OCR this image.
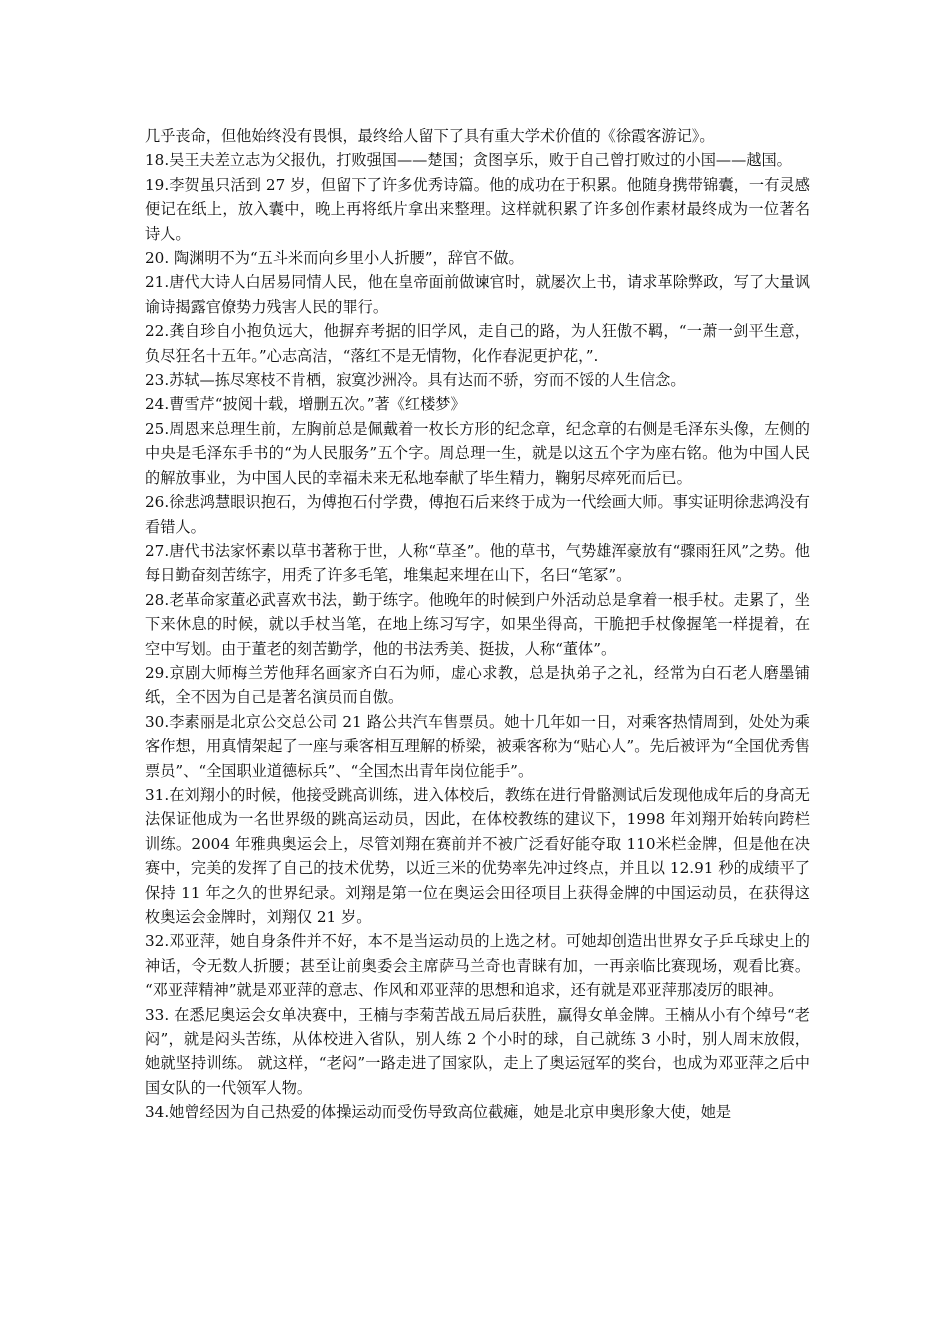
几乎丧命，但他始终没有畏惧，最终给人留下了具有重大学术价值的《徐霞客游记》。

18.吴王夫差立志为父报仇，打败强国——楚国；贪图享乐，败于自己曾打败过的小国——越国。

19.李贺虽只活到 27 岁，但留下了许多优秀诗篇。他的成功在于积累。他随身携带锦囊，一有灵感便记在纸上，放入囊中，晚上再将纸片拿出来整理。这样就积累了许多创作素材最终成为一位著名诗人。

20. 陶渊明不为“五斗米而向乡里小人折腰”，辞官不做。

21.唐代大诗人白居易同情人民，他在皇帝面前做谏官时，就屡次上书，请求革除弊政，写了大量讽谕诗揭露官僚势力残害人民的罪行。

22.龚自珍自小抱负远大，他摒弃考据的旧学风，走自己的路，为人狂傲不羁，“一萧一剑平生意，负尽狂名十五年。”心志高洁，“落红不是无情物，化作春泥更护花，”.

23.苏轼—拣尽寒枝不肯栖，寂寞沙洲冷。具有达而不骄，穷而不馁的人生信念。

24.曹雪芹“披阅十载，增删五次。”著《红楼梦》

25.周恩来总理生前，左胸前总是佩戴着一枚长方形的纪念章，纪念章的右侧是毛泽东头像，左侧的中央是毛泽东手书的“为人民服务”五个字。周总理一生，就是以这五个字为座右铭。他为中国人民的解放事业，为中国人民的幸福未来无私地奉献了毕生精力，鞠躬尽瘁死而后已。

26.徐悲鸿慧眼识抱石，为傅抱石付学费，傅抱石后来终于成为一代绘画大师。事实证明徐悲鸿没有看错人。

27.唐代书法家怀素以草书著称于世，人称“草圣”。他的草书，气势雄浑豪放有“骤雨狂风”之势。他每日勤奋刻苦练字，用秃了许多毛笔，堆集起来埋在山下，名曰“笔冢”。

28.老革命家董必武喜欢书法，勤于练字。他晚年的时候到户外活动总是拿着一根手杖。走累了，坐下来休息的时候，就以手杖当笔，在地上练习写字，如果坐得高，干脆把手杖像握笔一样提着，在空中写划。由于董老的刻苦勤学，他的书法秀美、挺拔，人称“董体”。

29.京剧大师梅兰芳他拜名画家齐白石为师，虚心求教，总是执弟子之礼，经常为白石老人磨墨铺纸，全不因为自己是著名演员而自傲。

30.李素丽是北京公交总公司 21 路公共汽车售票员。她十几年如一日，对乘客热情周到，处处为乘客作想，用真情架起了一座与乘客相互理解的桥梁，被乘客称为“贴心人”。先后被评为“全国优秀售票员”、“全国职业道德标兵”、“全国杰出青年岗位能手”。

31.在刘翔小的时候，他接受跳高训练，进入体校后，教练在进行骨骼测试后发现他成年后的身高无法保证他成为一名世界级的跳高运动员，因此，在体校教练的建议下，1998 年刘翔开始转向跨栏训练。2004 年雅典奥运会上，尽管刘翔在赛前并不被广泛看好能夺取 110米栏金牌，但是他在决赛中，完美的发挥了自己的技术优势，以近三米的优势率先冲过终点，并且以 12.91 秒的成绩平了保持 11 年之久的世界纪录。刘翔是第一位在奥运会田径项目上获得金牌的中国运动员，在获得这枚奥运会金牌时，刘翔仅 21 岁。

32.邓亚萍，她自身条件并不好，本不是当运动员的上选之材。可她却创造出世界女子乒乓球史上的神话，令无数人折腰；甚至让前奥委会主席萨马兰奇也青睐有加，一再亲临比赛现场，观看比赛。 “邓亚萍精神”就是邓亚萍的意志、作风和邓亚萍的思想和追求，还有就是邓亚萍那凌厉的眼神。

33. 在悉尼奥运会女单决赛中，王楠与李菊苦战五局后获胜，赢得女单金牌。王楠从小有个绰号“老闷”，就是闷头苦练，从体校进入省队，别人练 2 个小时的球，自己就练 3 小时，别人周末放假，她就坚持训练。 就这样，“老闷”一路走进了国家队，走上了奥运冠军的奖台，也成为邓亚萍之后中国女队的一代领军人物。

34.她曾经因为自己热爱的体操运动而受伤导致高位截瘫，她是北京申奥形象大使，她是
